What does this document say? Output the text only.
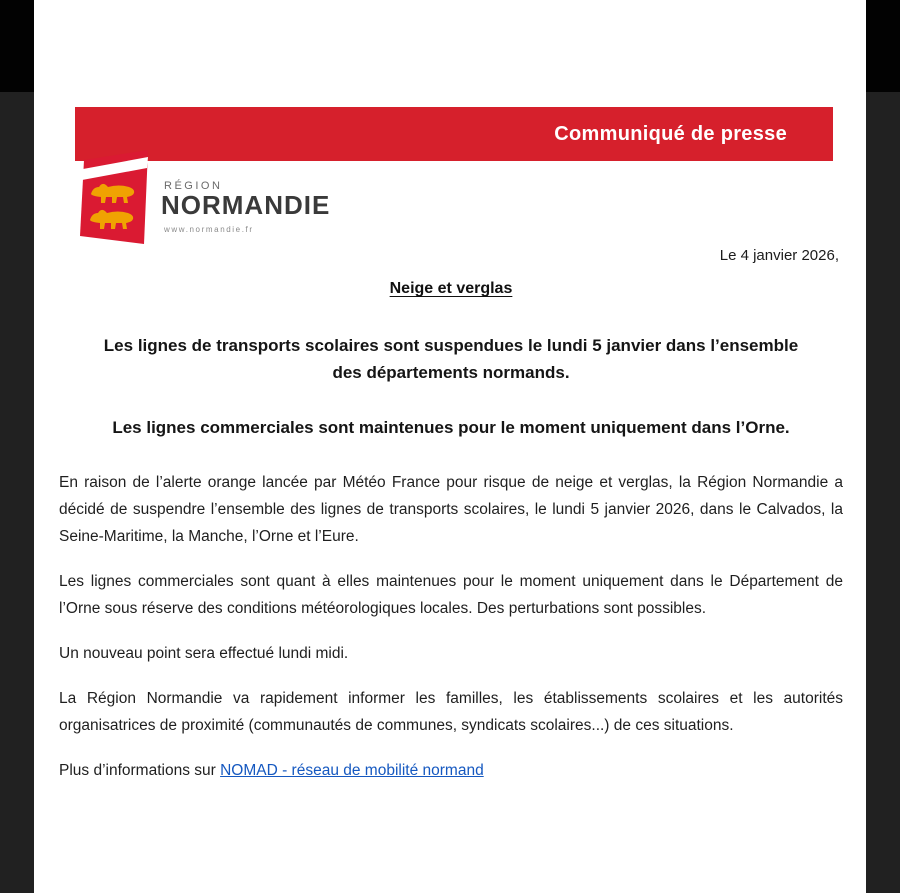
Communiqué de presse
RÉGION
NORMANDIE
www.normandie.fr
Le 4 janvier 2026,
Neige et verglas

Les lignes de transports scolaires sont suspendues le lundi 5 janvier dans l’ensemble des départements normands.

Les lignes commerciales sont maintenues pour le moment uniquement dans l’Orne.

En raison de l’alerte orange lancée par Météo France pour risque de neige et verglas, la Région Normandie a décidé de suspendre l’ensemble des lignes de transports scolaires, le lundi 5 janvier 2026, dans le Calvados, la Seine-Maritime, la Manche, l’Orne et l’Eure.

Les lignes commerciales sont quant à elles maintenues pour le moment uniquement dans le Département de l’Orne sous réserve des conditions météorologiques locales. Des perturbations sont possibles.

Un nouveau point sera effectué lundi midi.

La Région Normandie va rapidement informer les familles, les établissements scolaires et les autorités organisatrices de proximité (communautés de communes, syndicats scolaires...) de ces situations.

Plus d’informations sur NOMAD - réseau de mobilité normand
